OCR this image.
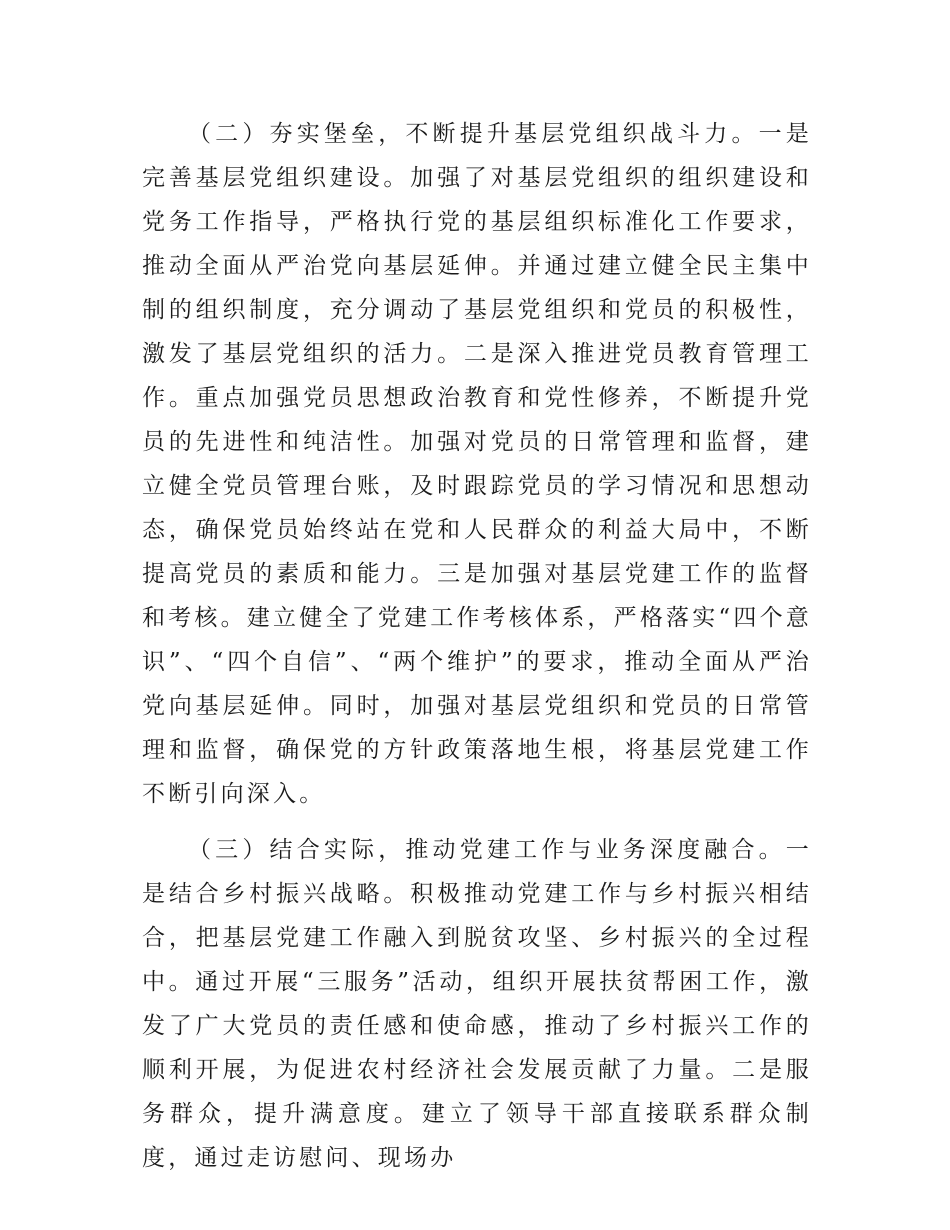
（二）夯实堡垒，不断提升基层党组织战斗力。一是完善基层党组织建设。加强了对基层党组织的组织建设和党务工作指导，严格执行党的基层组织标准化工作要求，推动全面从严治党向基层延伸。并通过建立健全民主集中制的组织制度，充分调动了基层党组织和党员的积极性，激发了基层党组织的活力。二是深入推进党员教育管理工作。重点加强党员思想政治教育和党性修养，不断提升党员的先进性和纯洁性。加强对党员的日常管理和监督，建立健全党员管理台账，及时跟踪党员的学习情况和思想动态，确保党员始终站在党和人民群众的利益大局中，不断提高党员的素质和能力。三是加强对基层党建工作的监督和考核。建立健全了党建工作考核体系，严格落实“四个意识”、“四个自信”、“两个维护”的要求，推动全面从严治党向基层延伸。同时，加强对基层党组织和党员的日常管理和监督，确保党的方针政策落地生根，将基层党建工作不断引向深入。

（三）结合实际，推动党建工作与业务深度融合。一是结合乡村振兴战略。积极推动党建工作与乡村振兴相结合，把基层党建工作融入到脱贫攻坚、乡村振兴的全过程中。通过开展“三服务”活动，组织开展扶贫帮困工作，激发了广大党员的责任感和使命感，推动了乡村振兴工作的顺利开展，为促进农村经济社会发展贡献了力量。二是服务群众，提升满意度。建立了领导干部直接联系群众制度，通过走访慰问、现场办
